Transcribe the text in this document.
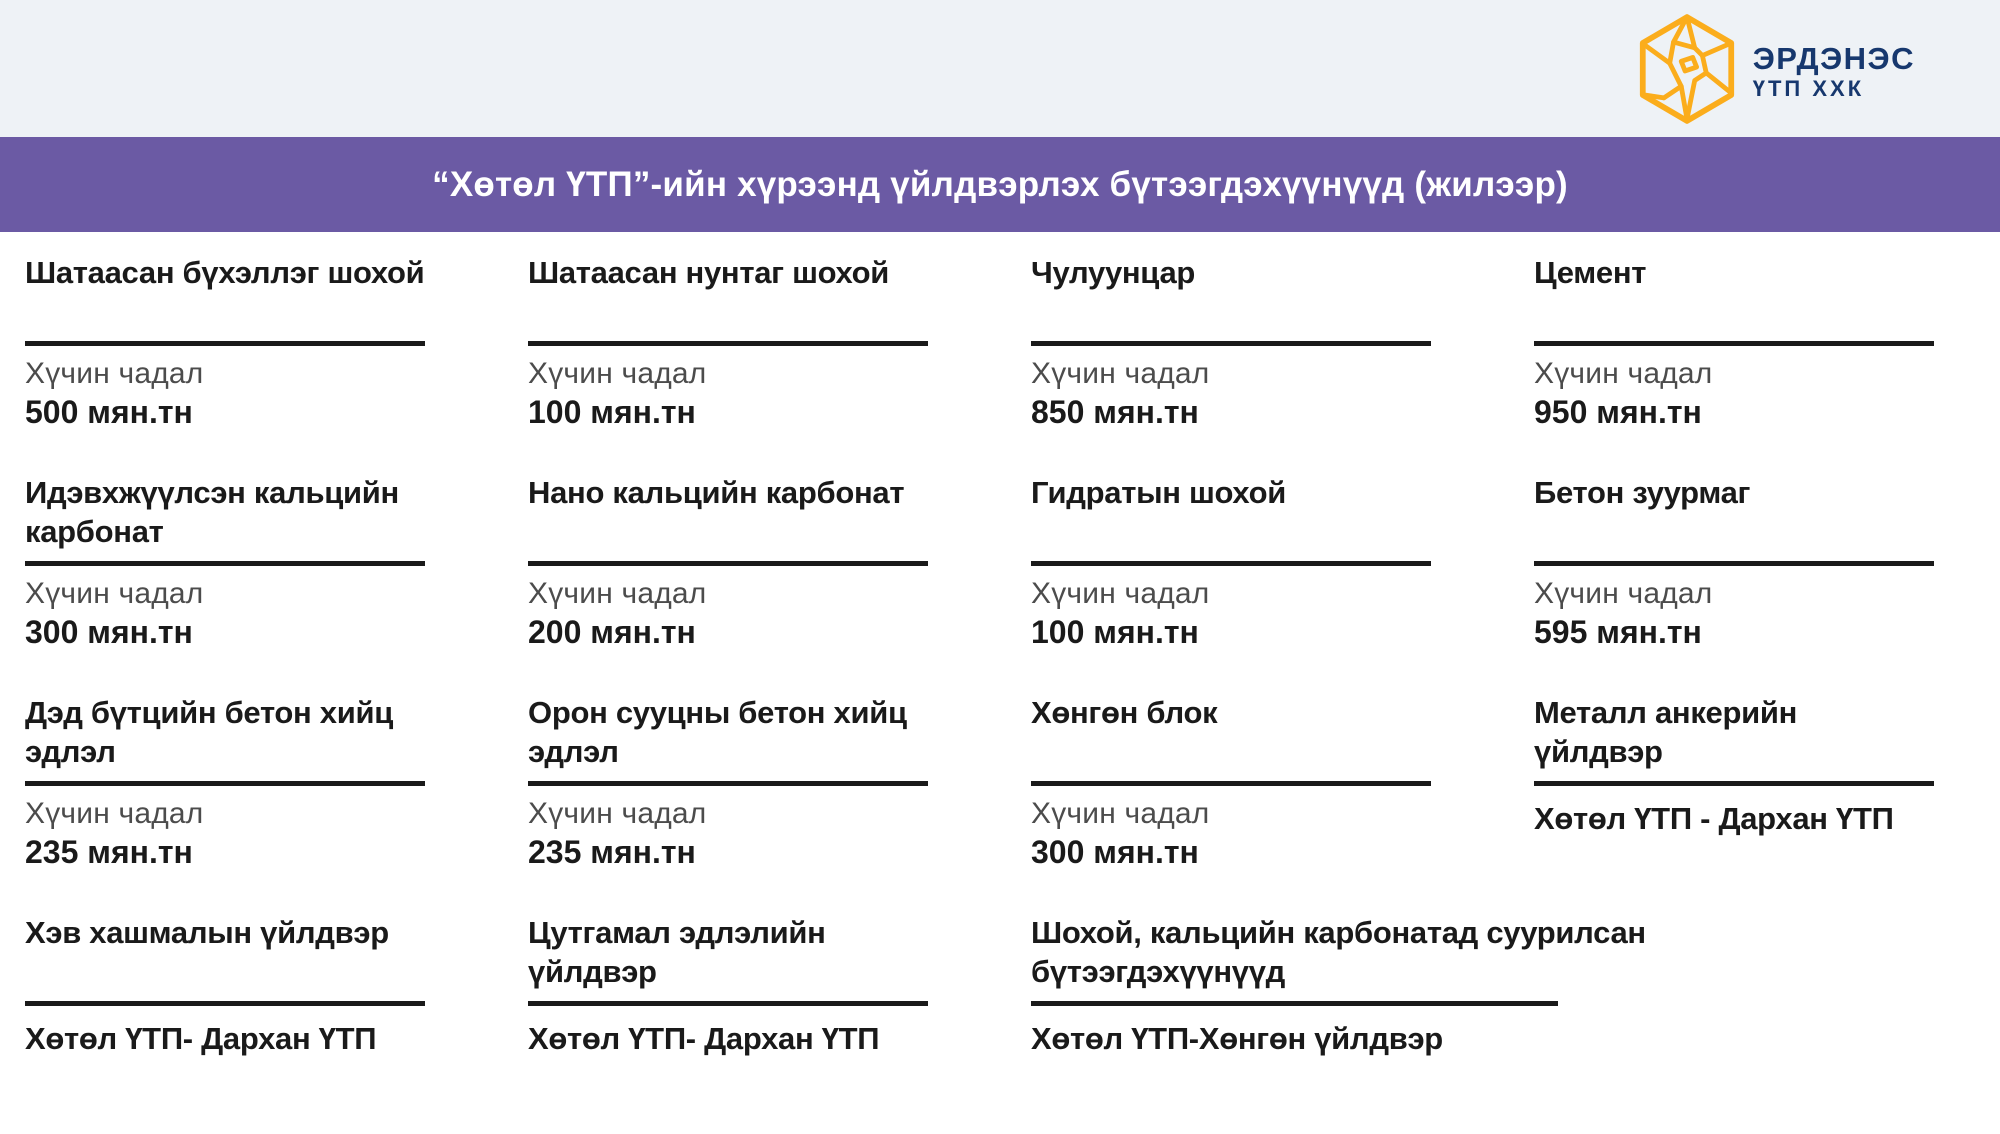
ЭРДЭНЭС
ҮТП ХХК
“Хөтөл ҮТП”-ийн хүрээнд үйлдвэрлэх бүтээгдэхүүнүүд (жилээр)
Шатаасан бүхэллэг шохой
Хүчин чадал
500 мян.тн
Шатаасан нунтаг шохой
Хүчин чадал
100 мян.тн
Чулуунцар
Хүчин чадал
850 мян.тн
Цемент
Хүчин чадал
950 мян.тн
Идэвхжүүлсэн кальцийн карбонат
Хүчин чадал
300 мян.тн
Нано кальцийн карбонат
Хүчин чадал
200 мян.тн
Гидратын шохой
Хүчин чадал
100 мян.тн
Бетон зуурмаг
Хүчин чадал
595 мян.тн
Дэд бүтцийн бетон хийц эдлэл
Хүчин чадал
235 мян.тн
Орон сууцны бетон хийц эдлэл
Хүчин чадал
235 мян.тн
Хөнгөн блок
Хүчин чадал
300 мян.тн
Металл анкерийн үйлдвэр
Хөтөл ҮТП - Дархан ҮТП
Хэв хашмалын үйлдвэр
Хөтөл ҮТП- Дархан ҮТП
Цутгамал эдлэлийн үйлдвэр
Хөтөл ҮТП- Дархан ҮТП
Шохой, кальцийн карбонатад суурилсан бүтээгдэхүүнүүд
Хөтөл ҮТП-Хөнгөн үйлдвэр
